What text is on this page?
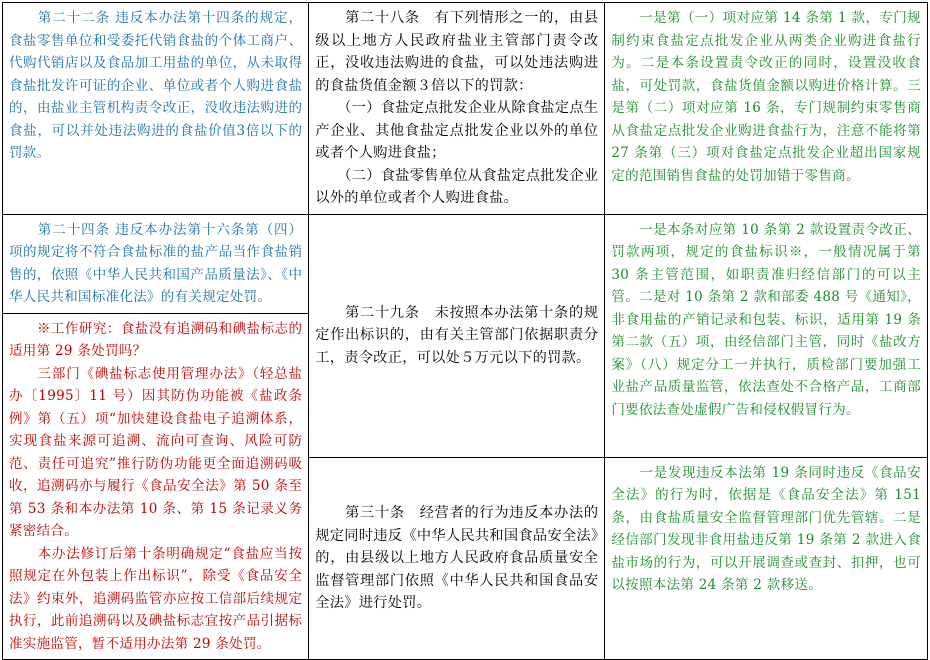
　　第二十二条 违反本办法第十四条的规定，食盐零售单位和受委托代销食盐的个体工商户、代购代销店以及食品加工用盐的单位，从未取得食盐批发许可证的企业、单位或者个人购进食盐的，由盐业主管机构责令改正，没收违法购进的食盐，可以并处违法购进的食盐价值3倍以下的罚款。	　　第二十八条　有下列情形之一的，由县级以上地方人民政府盐业主管部门责令改正，没收违法购进的食盐，可以处违法购进的食盐货值金额３倍以下的罚款：
　　（一）食盐定点批发企业从除食盐定点生产企业、其他食盐定点批发企业以外的单位或者个人购进食盐；
　　（二）食盐零售单位从食盐定点批发企业以外的单位或者个人购进食盐。	　　一是第（一）项对应第 14 条第 1 款，专门规制约束食盐定点批发企业从两类企业购进食盐行为。二是本条设置责令改正的同时，设置没收食盐，可处罚款，食盐货值金额以购进价格计算。三是第（二）项对应第 16 条，专门规制约束零售商从食盐定点批发企业购进食盐行为，注意不能将第 27 条第（三）项对食盐定点批发企业超出国家规定的范围销售食盐的处罚加错于零售商。

　　第二十四条 违反本办法第十六条第（四）项的规定将不符合食盐标准的盐产品当作食盐销售的，依照《中华人民共和国产品质量法》、《中华人民共和国标准化法》的有关规定处罚。	　　第二十九条　未按照本办法第十条的规定作出标识的，由有关主管部门依据职责分工，责令改正，可以处５万元以下的罚款。	　　一是本条对应第 10 条第 2 款设置责令改正、罚款两项，规定的食盐标识※，一般情况属于第 30 条主管范围，如职责准归经信部门的可以主管。二是对 10 条第 2 款和部委 488 号《通知》，非食用盐的产销记录和包装、标识，适用第 19 条第二款（五）项，由经信部门主管，同时《盐改方案》（八）规定分工一并执行，质检部门要加强工业盐产品质量监管，依法查处不合格产品，工商部门要依法查处虚假广告和侵权假冒行为。

　　※工作研究：食盐没有追溯码和碘盐标志的适用第 29 条处罚吗？
　　三部门《碘盐标志使用管理办法》（轻总盐办〔1995〕11 号）因其防伪功能被《盐政条例》第（五）项“加快建设食盐电子追溯体系，实现食盐来源可追溯、流向可查询、风险可防范、责任可追究”推行防伪功能更全面追溯码吸收，追溯码亦与履行《食品安全法》第 50 条至第 53 条和本办法第 10 条、第 15 条记录义务紧密结合。
　　本办法修订后第十条明确规定“食盐应当按照规定在外包装上作出标识”，除受《食品安全法》约束外，追溯码监管亦应按工信部后续规定执行，此前追溯码以及碘盐标志宜按产品引据标准实施监管，暂不适用办法第 29 条处罚。		

	　　第三十条　经营者的行为违反本办法的规定同时违反《中华人民共和国食品安全法》的，由县级以上地方人民政府食品质量安全监督管理部门依照《中华人民共和国食品安全法》进行处罚。	　　一是发现违反本法第 19 条同时违反《食品安全法》的行为时，依据是《食品安全法》第 151 条，由食盐质量安全监督管理部门优先管辖。二是经信部门发现非食用盐违反第 19 条第 2 款进入食盐市场的行为，可以开展调查或查封、扣押，也可以按照本法第 24 条第 2 款移送。
